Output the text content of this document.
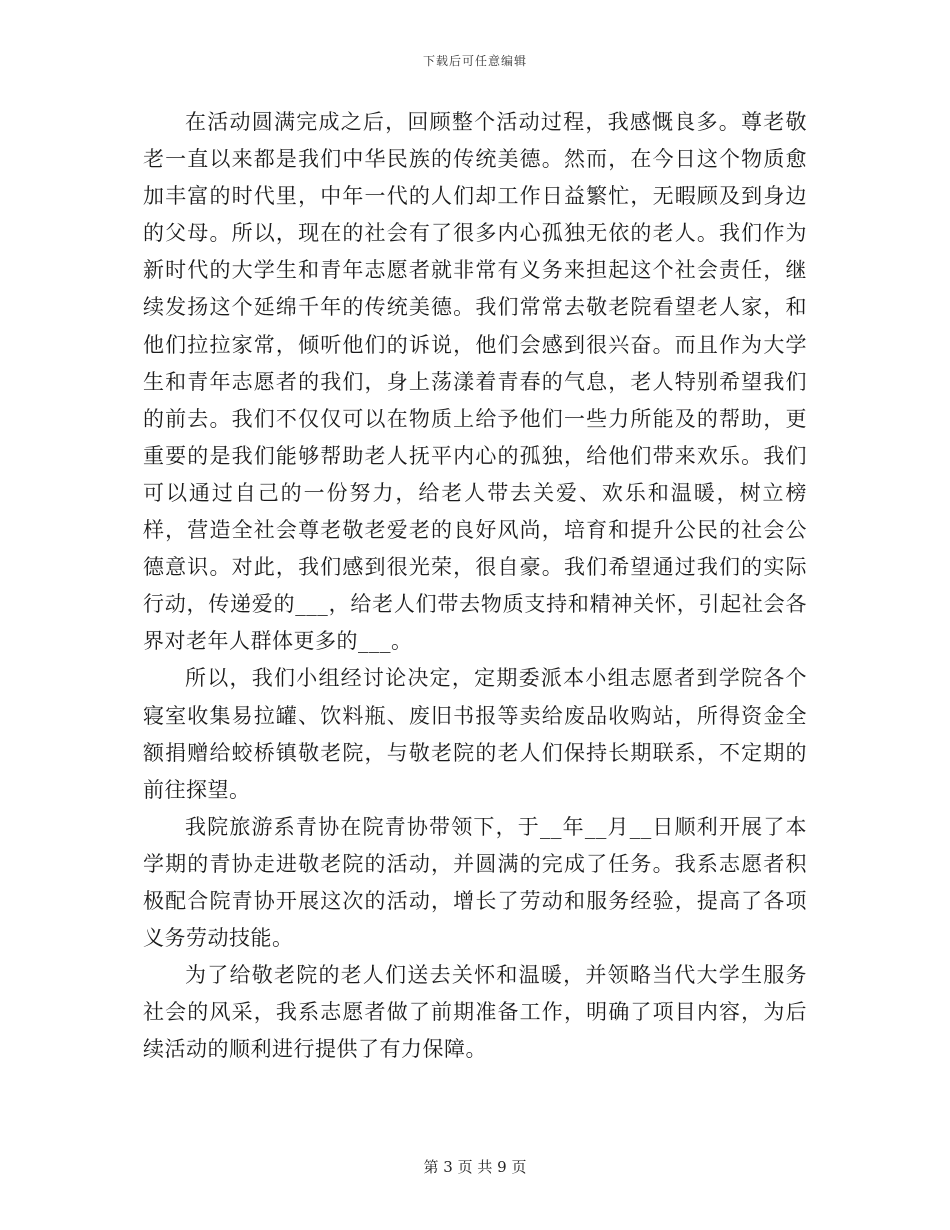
下载后可任意编辑

在活动圆满完成之后，回顾整个活动过程，我感慨良多。尊老敬老一直以来都是我们中华民族的传统美德。然而，在今日这个物质愈加丰富的时代里，中年一代的人们却工作日益繁忙，无暇顾及到身边的父母。所以，现在的社会有了很多内心孤独无依的老人。我们作为新时代的大学生和青年志愿者就非常有义务来担起这个社会责任，继续发扬这个延绵千年的传统美德。我们常常去敬老院看望老人家，和他们拉拉家常，倾听他们的诉说，他们会感到很兴奋。而且作为大学生和青年志愿者的我们，身上荡漾着青春的气息，老人特别希望我们的前去。我们不仅仅可以在物质上给予他们一些力所能及的帮助，更重要的是我们能够帮助老人抚平内心的孤独，给他们带来欢乐。我们可以通过自己的一份努力，给老人带去关爱、欢乐和温暖，树立榜样，营造全社会尊老敬老爱老的良好风尚，培育和提升公民的社会公德意识。对此，我们感到很光荣，很自豪。我们希望通过我们的实际行动，传递爱的___，给老人们带去物质支持和精神关怀，引起社会各界对老年人群体更多的___。

所以，我们小组经讨论决定，定期委派本小组志愿者到学院各个寝室收集易拉罐、饮料瓶、废旧书报等卖给废品收购站，所得资金全额捐赠给蛟桥镇敬老院，与敬老院的老人们保持长期联系，不定期的前往探望。

我院旅游系青协在院青协带领下，于__年__月__日顺利开展了本学期的青协走进敬老院的活动，并圆满的完成了任务。我系志愿者积极配合院青协开展这次的活动，增长了劳动和服务经验，提高了各项义务劳动技能。

为了给敬老院的老人们送去关怀和温暖，并领略当代大学生服务社会的风采，我系志愿者做了前期准备工作，明确了项目内容，为后续活动的顺利进行提供了有力保障。

第 3 页 共 9 页
